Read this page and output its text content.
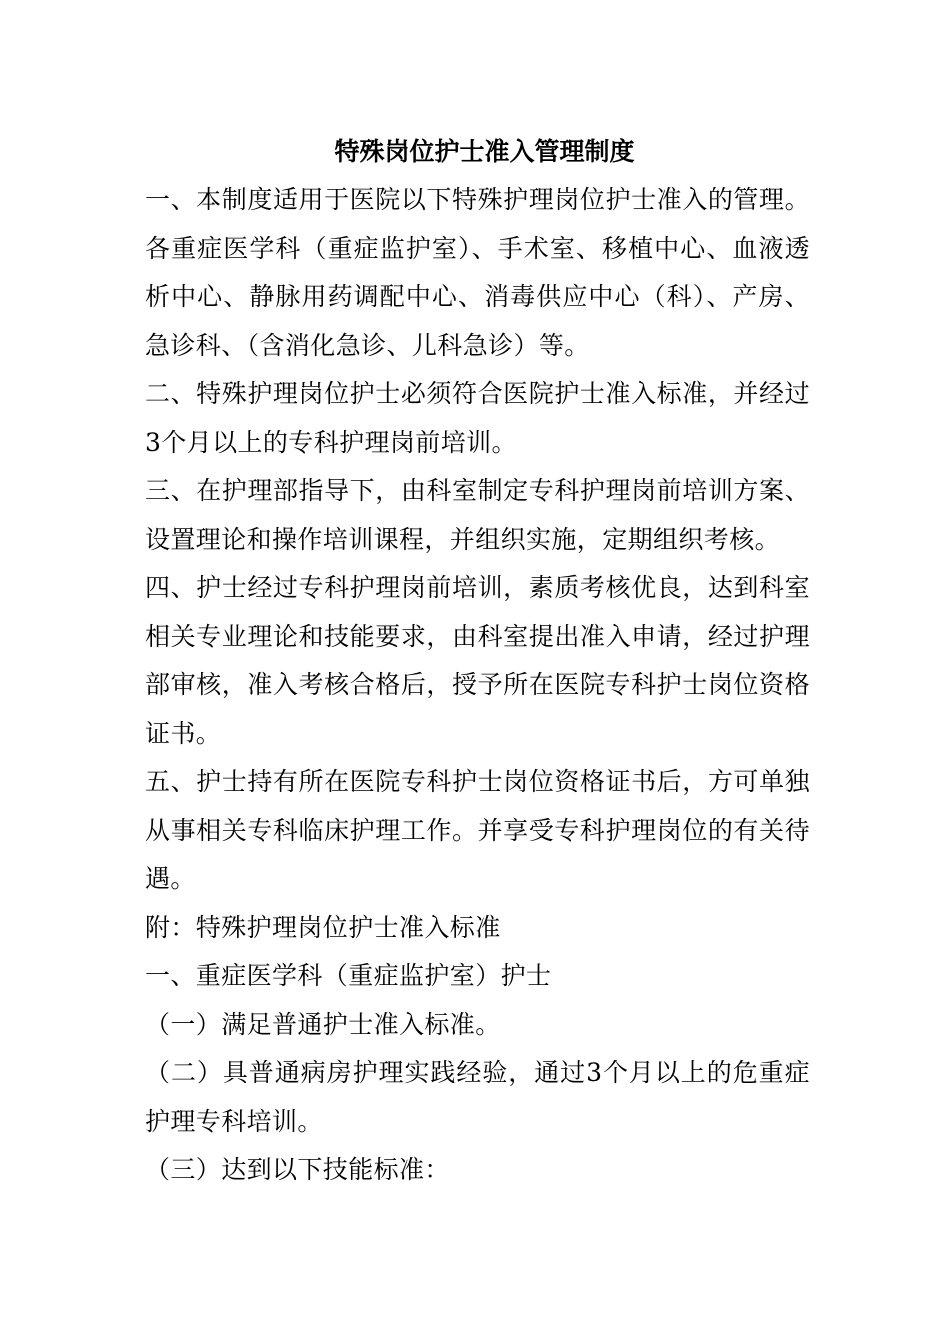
特殊岗位护士准入管理制度

一、本制度适用于医院以下特殊护理岗位护士准入的管理。各重症医学科（重症监护室）、手术室、移植中心、血液透析中心、静脉用药调配中心、消毒供应中心（科）、产房、急诊科、（含消化急诊、儿科急诊）等。

二、特殊护理岗位护士必须符合医院护士准入标准，并经过3个月以上的专科护理岗前培训。

三、在护理部指导下，由科室制定专科护理岗前培训方案、设置理论和操作培训课程，并组织实施，定期组织考核。

四、护士经过专科护理岗前培训，素质考核优良，达到科室相关专业理论和技能要求，由科室提出准入申请，经过护理部审核，准入考核合格后，授予所在医院专科护士岗位资格证书。

五、护士持有所在医院专科护士岗位资格证书后，方可单独从事相关专科临床护理工作。并享受专科护理岗位的有关待遇。

附：特殊护理岗位护士准入标准

一、重症医学科（重症监护室）护士

（一）满足普通护士准入标准。

（二）具普通病房护理实践经验，通过3个月以上的危重症护理专科培训。

（三）达到以下技能标准：
